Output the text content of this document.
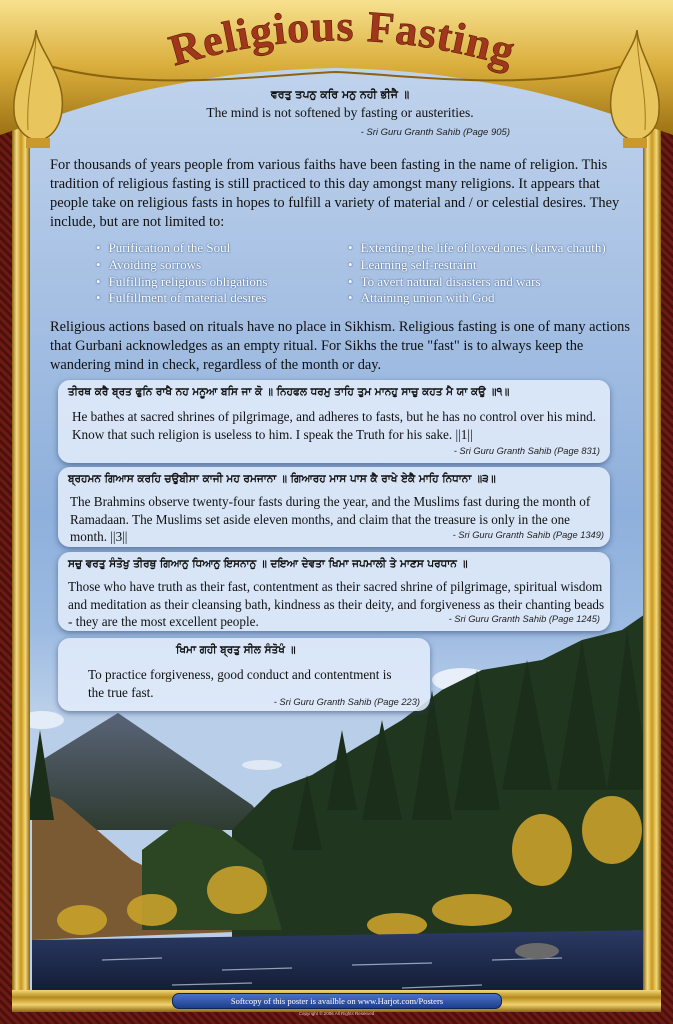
Religious Fasting
ਵਰਤੁ ਤਪਨੁ ਕਰਿ ਮਨੁ ਨਹੀ ਭੀਜੈ ॥
The mind is not softened by fasting or austerities.
- Sri Guru Granth Sahib (Page 905)
For thousands of years people from various faiths have been fasting in the name of religion. This tradition of religious fasting is still practiced to this day amongst many religions. It appears that people take on religious fasts in hopes to fulfill a variety of material and / or celestial desires. They include, but are not limited to:
• Purification of the Soul
• Avoiding sorrows
• Fulfilling religious obligations
• Fulfillment of material desires
• Extending the life of loved ones (karva chauth)
• Learning self-restraint
• To avert natural disasters and wars
• Attaining union with God
Religious actions based on rituals have no place in Sikhism. Religious fasting is one of many actions that Gurbani acknowledges as an empty ritual. For Sikhs the true "fast" is to always keep the wandering mind in check, regardless of the month or day.
ਤੀਰਥ ਕਰੈ ਬ੍ਰਤ ਫੁਨਿ ਰਾਖੈ ਨਹ ਮਨੂਆ ਬਸਿ ਜਾ ਕੋ ॥ ਨਿਹਫਲ ਧਰਮੁ ਤਾਹਿ ਤੁਮ ਮਾਨਹੁ ਸਾਚੁ ਕਹਤ ਮੈ ਯਾ ਕਉ ॥੧॥
He bathes at sacred shrines of pilgrimage, and adheres to fasts, but he has no control over his mind. Know that such religion is useless to him. I speak the Truth for his sake. ||1||
- Sri Guru Granth Sahib (Page 831)
ਬ੍ਰਹਮਨ ਗਿਆਸ ਕਰਹਿ ਚਉਬੀਸਾ ਕਾਜੀ ਮਹ ਰਮਜਾਨਾ ॥ ਗਿਆਰਹ ਮਾਸ ਪਾਸ ਕੈ ਰਾਖੇ ਏਕੈ ਮਾਹਿ ਨਿਧਾਨਾ ॥੩॥
The Brahmins observe twenty-four fasts during the year, and the Muslims fast during the month of Ramadaan. The Muslims set aside eleven months, and claim that the treasure is only in the one month. ||3||	- Sri Guru Granth Sahib (Page 1349)
ਸਚੁ ਵਰਤੁ ਸੰਤੋਖੁ ਤੀਰਥੁ ਗਿਆਨੁ ਧਿਆਨੁ ਇਸਨਾਨੁ ॥ ਦਇਆ ਦੇਵਤਾ ਖਿਮਾ ਜਪਮਾਲੀ ਤੇ ਮਾਣਸ ਪਰਧਾਨ ॥
Those who have truth as their fast, contentment as their sacred shrine of pilgrimage, spiritual wisdom and meditation as their cleansing bath, kindness as their deity, and forgiveness as their chanting beads - they are the most excellent people.	- Sri Guru Granth Sahib (Page 1245)
ਖਿਮਾ ਗਹੀ ਬ੍ਰਤੁ ਸੀਲ ਸੰਤੋਖੰ ॥
To practice forgiveness, good conduct and contentment is the true fast.
- Sri Guru Granth Sahib (Page 223)
Softcopy of this poster is availble on www.Harjot.com/Posters
Copyright © 2006 All Rights Reserved
